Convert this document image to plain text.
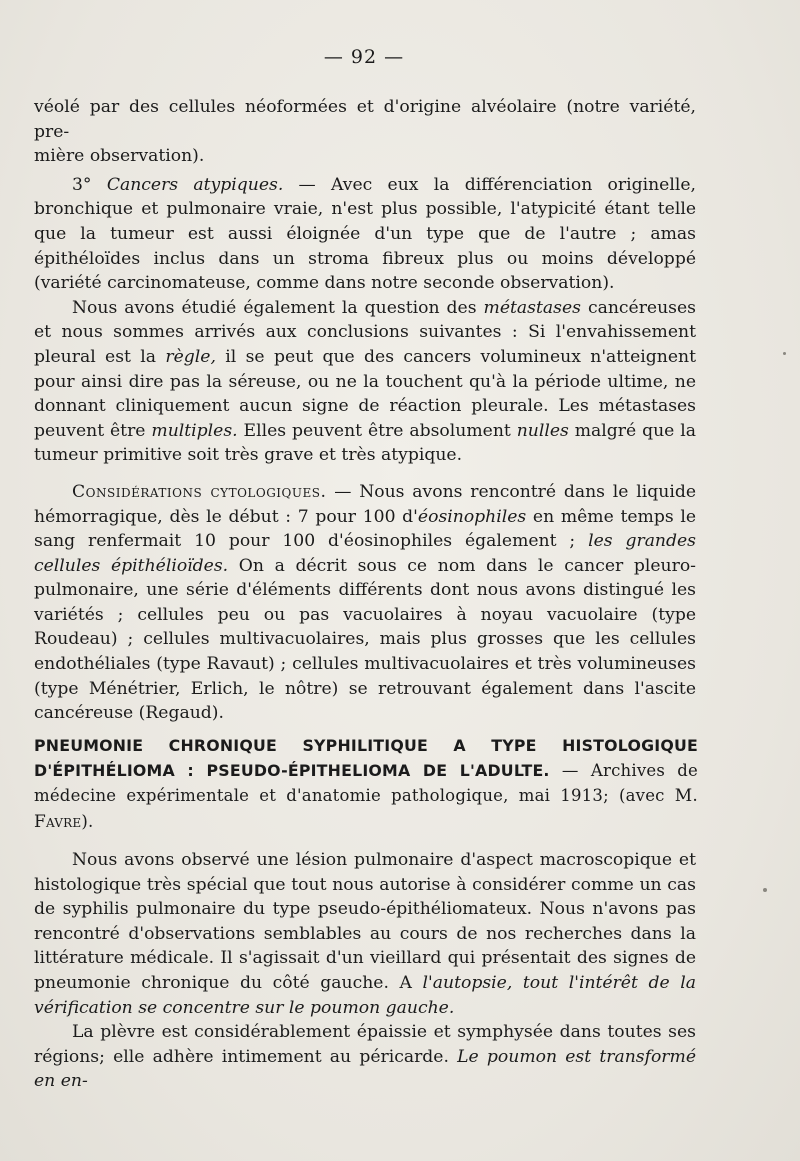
— 92 —

véolé par des cellules néoformées et d'origine alvéolaire (notre variété, pre-
mière observation).

3° Cancers atypiques. — Avec eux la différenciation originelle, bronchique et pulmonaire vraie, n'est plus possible, l'atypicité étant telle que la tumeur est aussi éloignée d'un type que de l'autre ; amas épithéloïdes inclus dans un stroma fibreux plus ou moins développé (variété carcinomateuse, comme dans notre seconde observation).

Nous avons étudié également la question des métastases cancéreuses et nous sommes arrivés aux conclusions suivantes : Si l'envahissement pleural est la règle, il se peut que des cancers volumineux n'atteignent pour ainsi dire pas la séreuse, ou ne la touchent qu'à la période ultime, ne donnant cliniquement aucun signe de réaction pleurale. Les métastases peuvent être multiples. Elles peuvent être absolument nulles malgré que la tumeur primitive soit très grave et très atypique.

Considérations cytologiques. — Nous avons rencontré dans le liquide hémorragique, dès le début : 7 pour 100 d'éosinophiles en même temps le sang renfermait 10 pour 100 d'éosinophiles également ; les grandes cellules épithélioïdes. On a décrit sous ce nom dans le cancer pleuro-pulmonaire, une série d'éléments différents dont nous avons distingué les variétés ; cellules peu ou pas vacuolaires à noyau vacuolaire (type Roudeau) ; cellules multivacuolaires, mais plus grosses que les cellules endothéliales (type Ravaut) ; cellules multivacuolaires et très volumineuses (type Ménétrier, Erlich, le nôtre) se retrouvant également dans l'ascite cancéreuse (Regaud).

PNEUMONIE CHRONIQUE SYPHILITIQUE A TYPE HISTOLOGIQUE D'ÉPITHÉLIOMA : PSEUDO-ÉPITHELIOMA DE L'ADULTE. — Archives de médecine expérimentale et d'anatomie pathologique, mai 1913; (avec M. Favre).

Nous avons observé une lésion pulmonaire d'aspect macroscopique et histologique très spécial que tout nous autorise à considérer comme un cas de syphilis pulmonaire du type pseudo-épithéliomateux. Nous n'avons pas rencontré d'observations semblables au cours de nos recherches dans la littérature médicale. Il s'agissait d'un vieillard qui présentait des signes de pneumonie chronique du côté gauche. A l'autopsie, tout l'intérêt de la vérification se concentre sur le poumon gauche.

La plèvre est considérablement épaissie et symphysée dans toutes ses régions; elle adhère intimement au péricarde. Le poumon est transformé en en-
